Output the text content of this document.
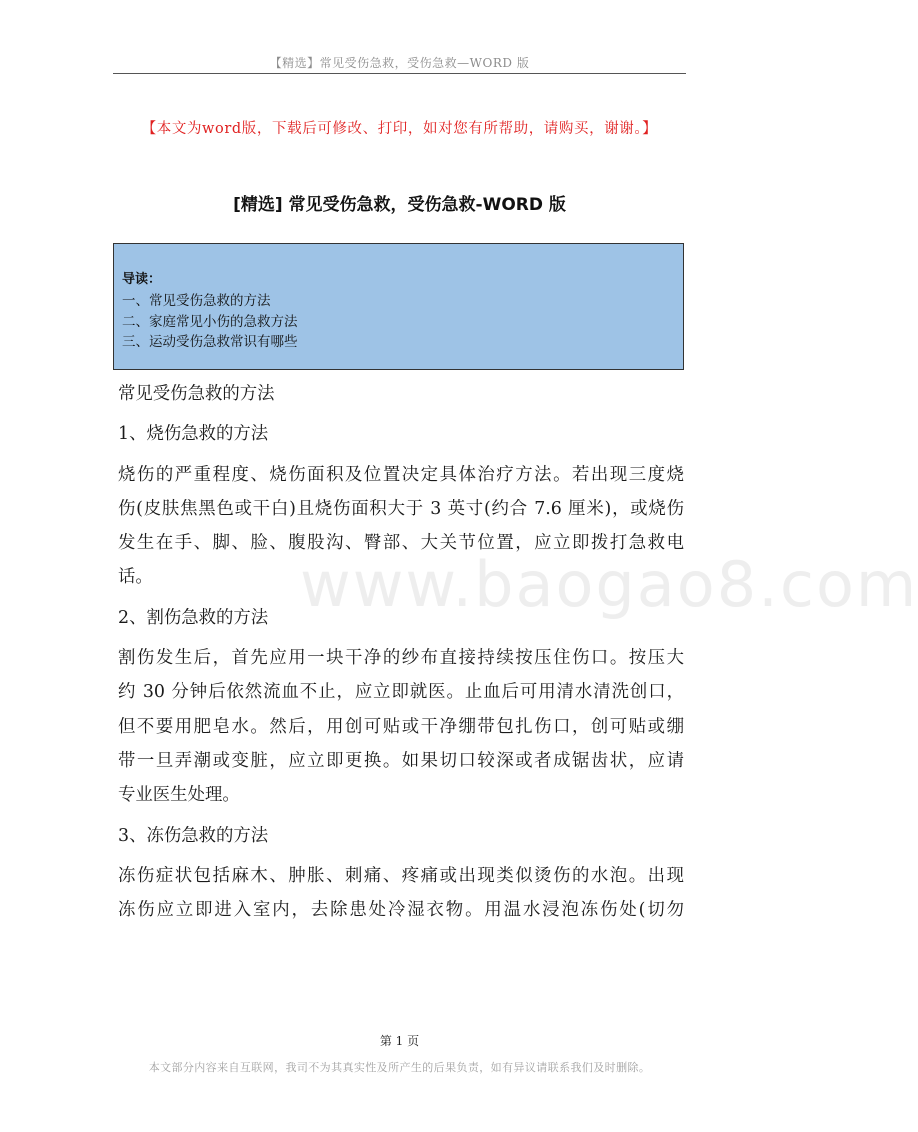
【精选】常见受伤急救，受伤急救—WORD 版
【本文为word版，下载后可修改、打印，如对您有所帮助，请购买，谢谢。】
[精选] 常见受伤急救，受伤急救-WORD 版
导读：
一、常见受伤急救的方法
二、家庭常见小伤的急救方法
三、运动受伤急救常识有哪些
www.baogao8.com
常见受伤急救的方法
1、烧伤急救的方法
烧伤的严重程度、烧伤面积及位置决定具体治疗方法。若出现三度烧
伤(皮肤焦黑色或干白)且烧伤面积大于 3 英寸(约合 7.6 厘米)，或烧伤
发生在手、脚、脸、腹股沟、臀部、大关节位置，应立即拨打急救电
话。
2、割伤急救的方法
割伤发生后，首先应用一块干净的纱布直接持续按压住伤口。按压大
约 30 分钟后依然流血不止，应立即就医。止血后可用清水清洗创口，
但不要用肥皂水。然后，用创可贴或干净绷带包扎伤口，创可贴或绷
带一旦弄潮或变脏，应立即更换。如果切口较深或者成锯齿状，应请
专业医生处理。
3、冻伤急救的方法
冻伤症状包括麻木、肿胀、刺痛、疼痛或出现类似烫伤的水泡。出现
冻伤应立即进入室内，去除患处冷湿衣物。用温水浸泡冻伤处(切勿
第 1 页
本文部分内容来自互联网，我司不为其真实性及所产生的后果负责，如有异议请联系我们及时删除。
